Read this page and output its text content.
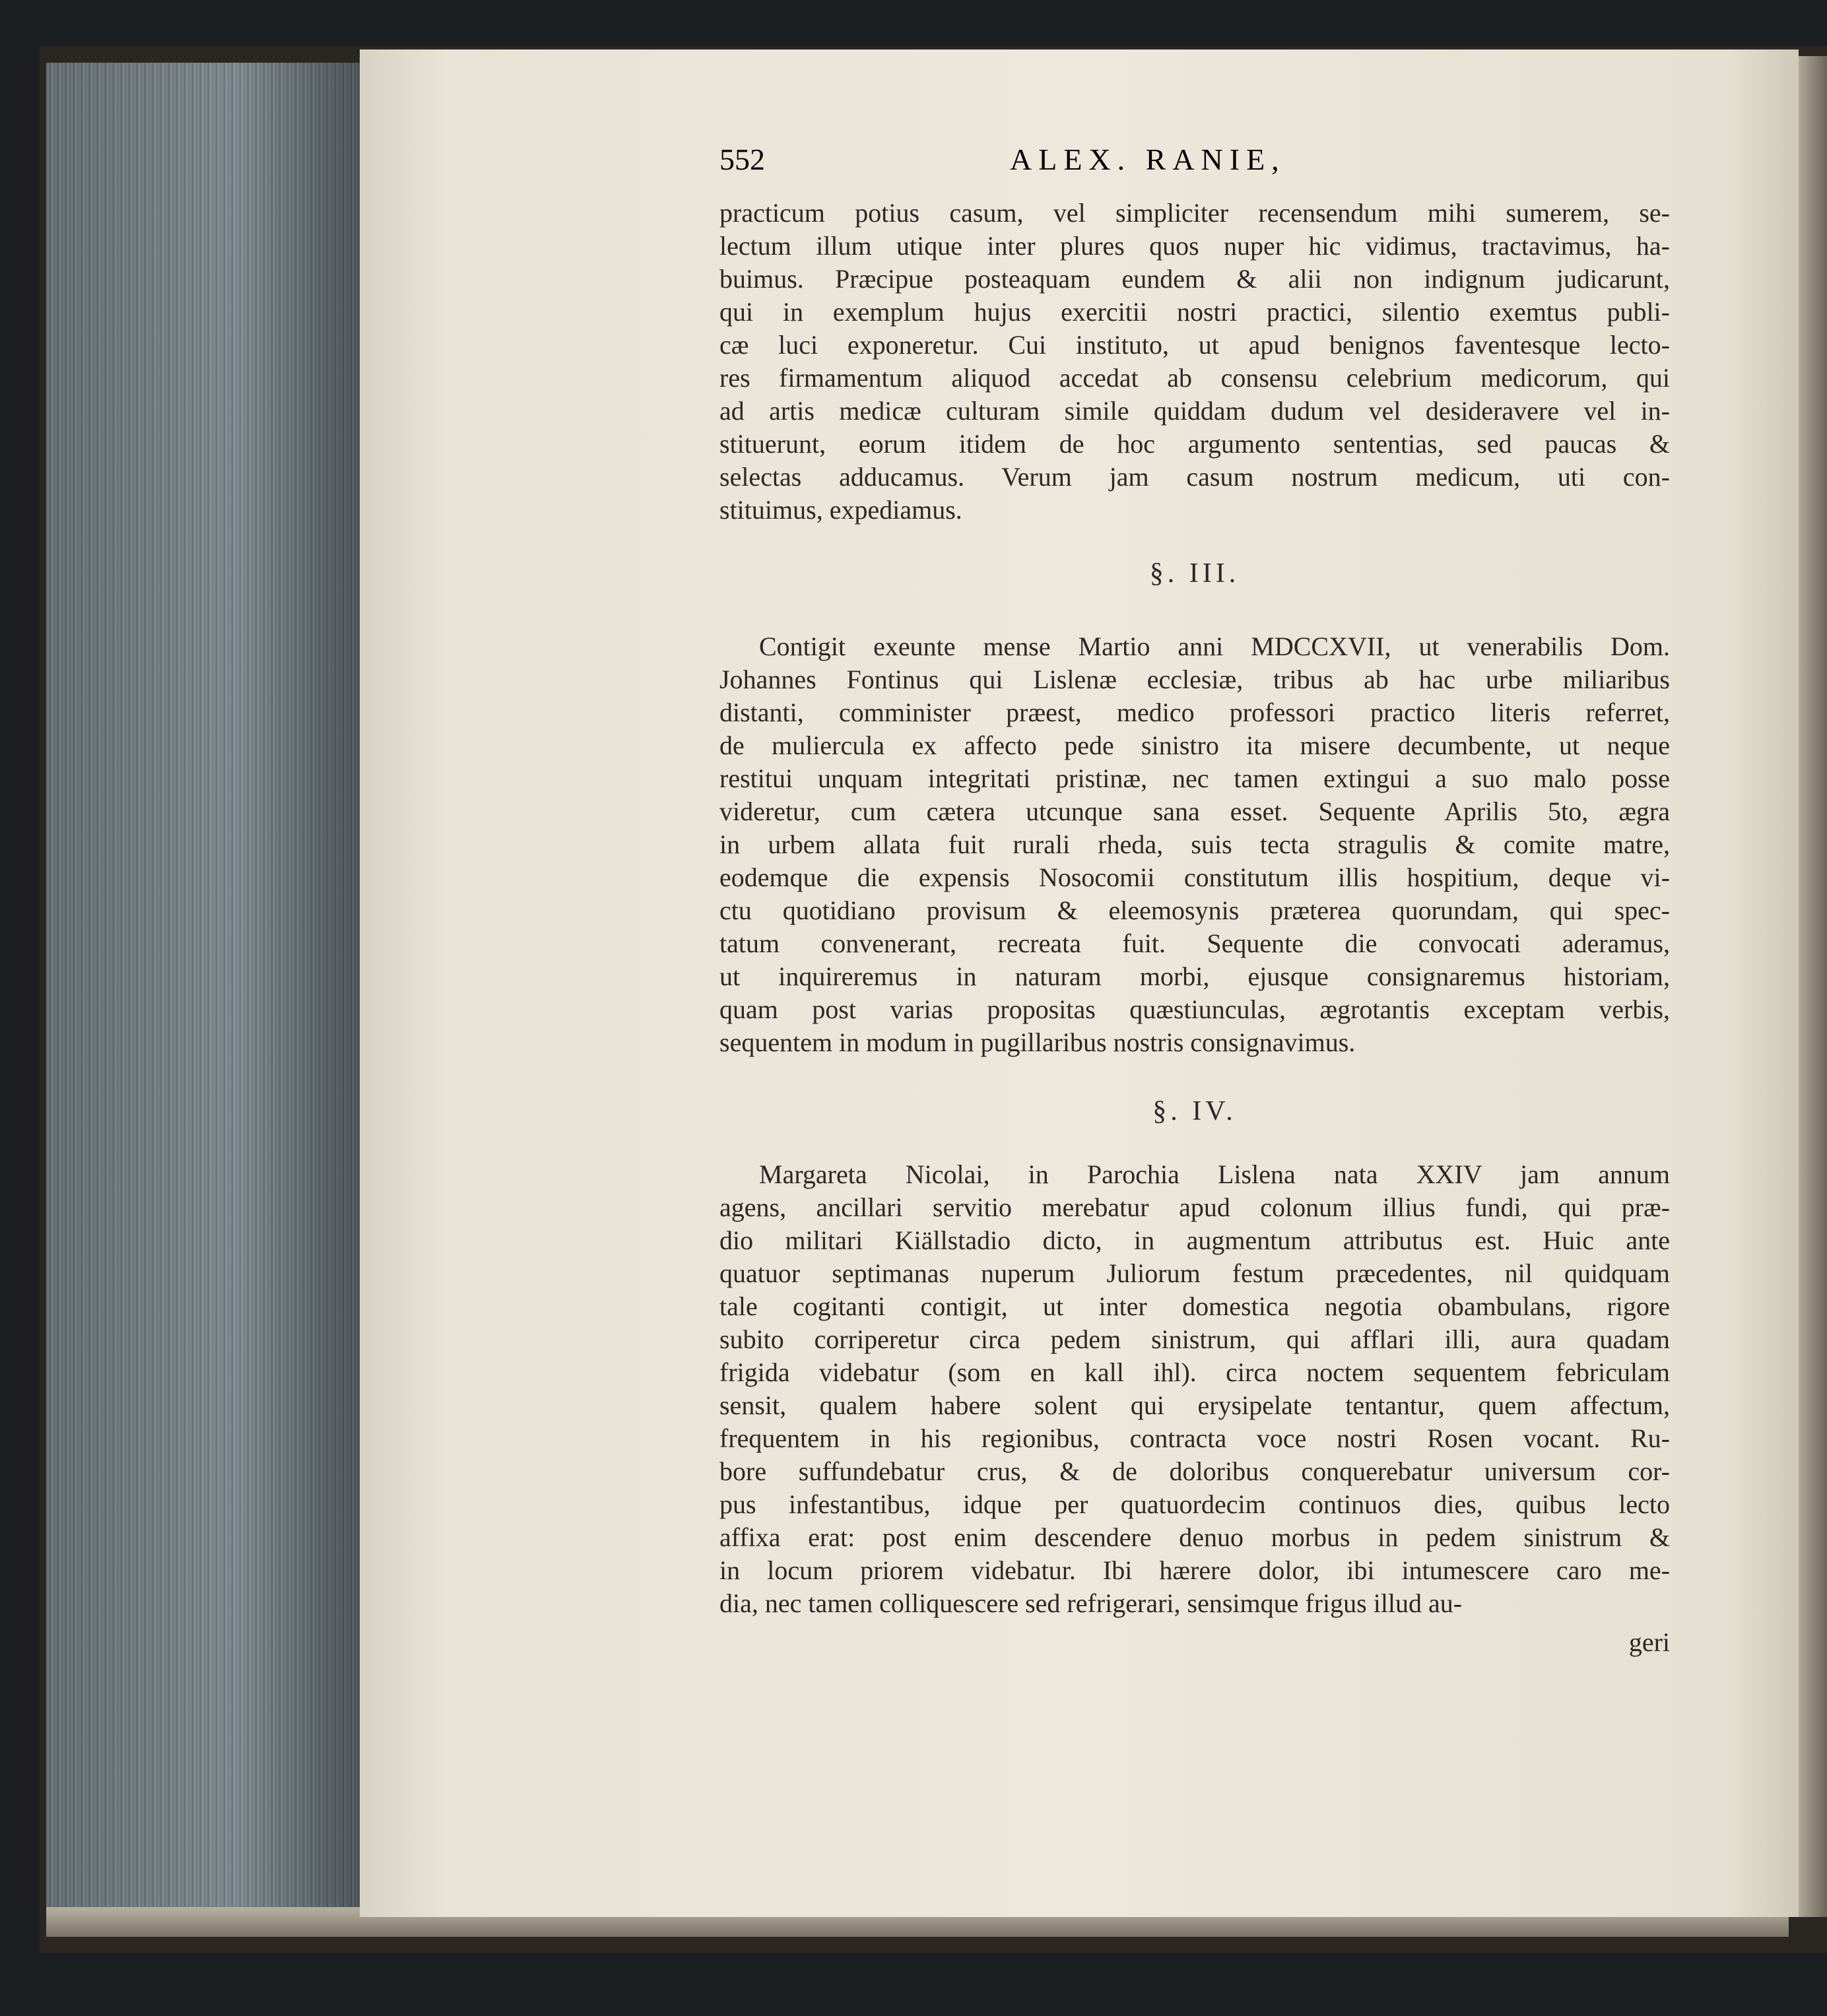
552	ALEX. RANIE,
practicum potius casum, vel simpliciter recensendum mihi sumerem, se-
lectum illum utique inter plures quos nuper hic vidimus, tractavimus, ha-
buimus. Præcipue posteaquam eundem & alii non indignum judicarunt,
qui in exemplum hujus exercitii nostri practici, silentio exemtus publi-
cæ luci exponeretur. Cui instituto, ut apud benignos faventesque lecto-
res firmamentum aliquod accedat ab consensu celebrium medicorum, qui
ad artis medicæ culturam simile quiddam dudum vel desideravere vel in-
stituerunt, eorum itidem de hoc argumento sententias, sed paucas &
selectas adducamus. Verum jam casum nostrum medicum, uti con-
stituimus, expediamus.
§. III.
Contigit exeunte mense Martio anni MDCCXVII, ut venerabilis Dom.
Johannes Fontinus qui Lislenæ ecclesiæ, tribus ab hac urbe miliaribus
distanti, comminister præest, medico professori practico literis referret,
de muliercula ex affecto pede sinistro ita misere decumbente, ut neque
restitui unquam integritati pristinæ, nec tamen extingui a suo malo posse
videretur, cum cætera utcunque sana esset. Sequente Aprilis 5to, ægra
in urbem allata fuit rurali rheda, suis tecta stragulis & comite matre,
eodemque die expensis Nosocomii constitutum illis hospitium, deque vi-
ctu quotidiano provisum & eleemosynis præterea quorundam, qui spec-
tatum convenerant, recreata fuit. Sequente die convocati aderamus,
ut inquireremus in naturam morbi, ejusque consignaremus historiam,
quam post varias propositas quæstiunculas, ægrotantis exceptam verbis,
sequentem in modum in pugillaribus nostris consignavimus.
§. IV.
Margareta Nicolai, in Parochia Lislena nata XXIV jam annum
agens, ancillari servitio merebatur apud colonum illius fundi, qui præ-
dio militari Kiällstadio dicto, in augmentum attributus est. Huic ante
quatuor septimanas nuperum Juliorum festum præcedentes, nil quidquam
tale cogitanti contigit, ut inter domestica negotia obambulans, rigore
subito corriperetur circa pedem sinistrum, qui afflari illi, aura quadam
frigida videbatur (som en kall ihl). circa noctem sequentem febriculam
sensit, qualem habere solent qui erysipelate tentantur, quem affectum,
frequentem in his regionibus, contracta voce nostri Rosen vocant. Ru-
bore suffundebatur crus, & de doloribus conquerebatur universum cor-
pus infestantibus, idque per quatuordecim continuos dies, quibus lecto
affixa erat: post enim descendere denuo morbus in pedem sinistrum &
in locum priorem videbatur. Ibi hærere dolor, ibi intumescere caro me-
dia, nec tamen colliquescere sed refrigerari, sensimque frigus illud au-
geri
